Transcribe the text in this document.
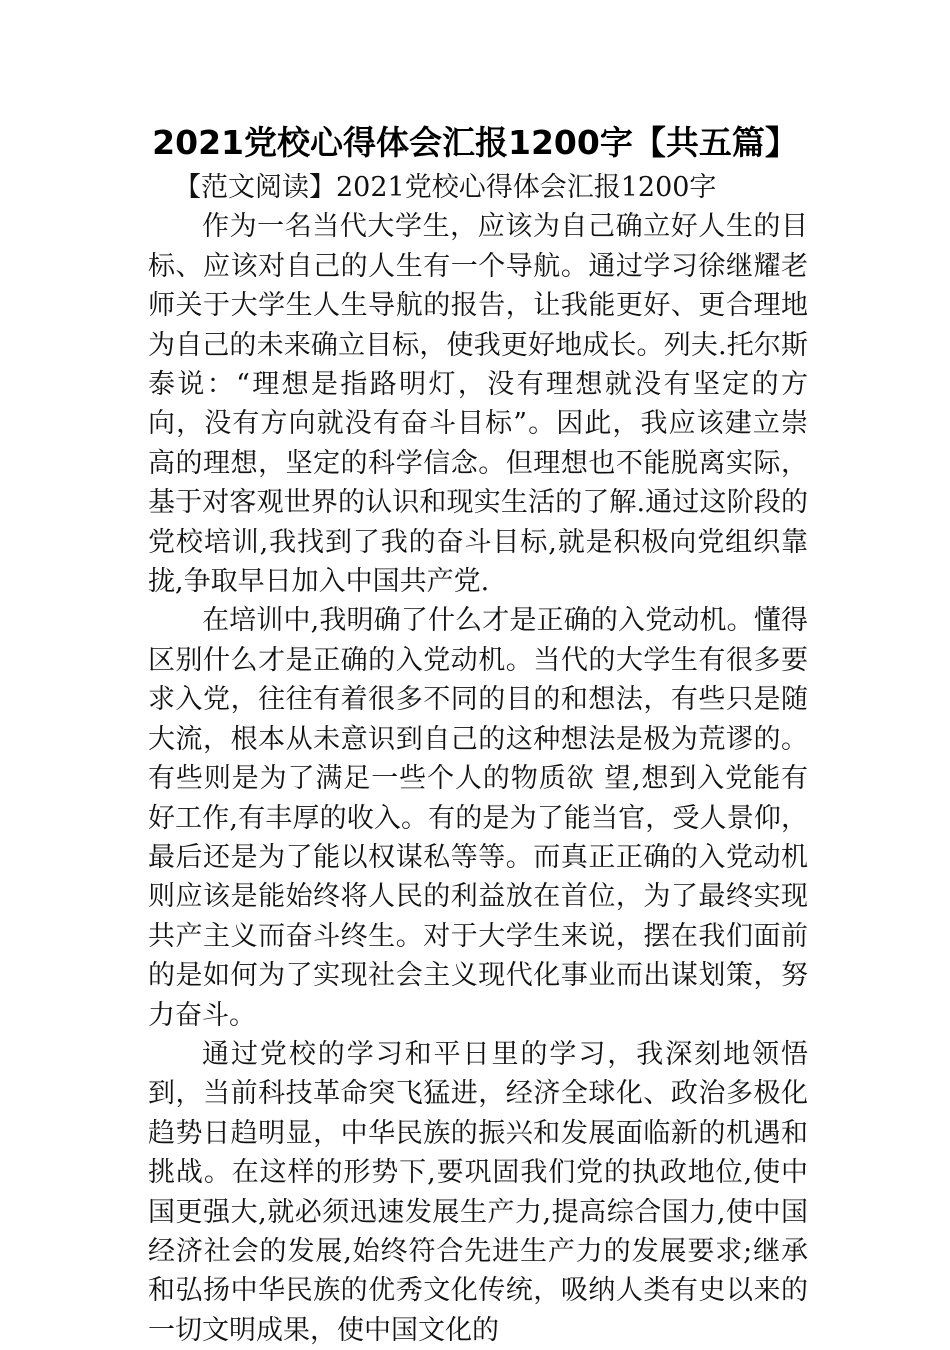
2021党校心得体会汇报1200字【共五篇】

【范文阅读】2021党校心得体会汇报1200字

作为一名当代大学生，应该为自己确立好人生的目标、应该对自己的人生有一个导航。通过学习徐继耀老师关于大学生人生导航的报告，让我能更好、更合理地为自己的未来确立目标，使我更好地成长。列夫.托尔斯泰说：“理想是指路明灯，没有理想就没有坚定的方向，没有方向就没有奋斗目标”。因此，我应该建立崇高的理想，坚定的科学信念。但理想也不能脱离实际，基于对客观世界的认识和现实生活的了解.通过这阶段的党校培训,我找到了我的奋斗目标,就是积极向党组织靠拢,争取早日加入中国共产党.

在培训中,我明确了什么才是正确的入党动机。懂得区别什么才是正确的入党动机。当代的大学生有很多要求入党，往往有着很多不同的目的和想法，有些只是随大流，根本从未意识到自己的这种想法是极为荒谬的。有些则是为了满足一些个人的物质欲 望,想到入党能有好工作,有丰厚的收入。有的是为了能当官，受人景仰，最后还是为了能以权谋私等等。而真正正确的入党动机则应该是能始终将人民的利益放在首位，为了最终实现共产主义而奋斗终生。对于大学生来说，摆在我们面前的是如何为了实现社会主义现代化事业而出谋划策，努力奋斗。

通过党校的学习和平日里的学习，我深刻地领悟到，当前科技革命突飞猛进，经济全球化、政治多极化趋势日趋明显，中华民族的振兴和发展面临新的机遇和挑战。在这样的形势下,要巩固我们党的执政地位,使中国更强大,就必须迅速发展生产力,提高综合国力,使中国经济社会的发展,始终符合先进生产力的发展要求;继承和弘扬中华民族的优秀文化传统，吸纳人类有史以来的一切文明成果，使中国文化的
